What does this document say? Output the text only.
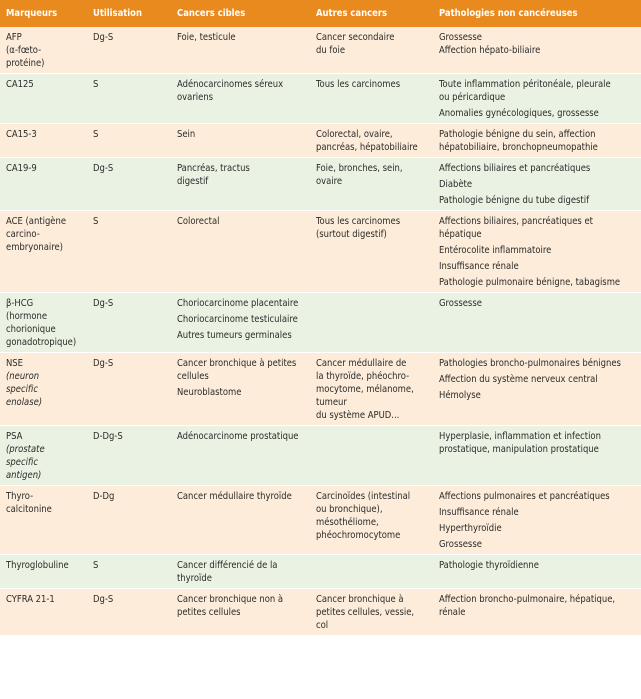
Marqueurs	Utilisation	Cancers cibles	Autres cancers	Pathologies non cancéreuses

AFP
(α-fœto-
protéine)	Dg-S	Foie, testicule	Cancer secondaire
du foie	Grossesse
Affection hépato-biliaire

CA125	S	Adénocarcinomes séreux
ovariens	Tous les carcinomes	Toute inflammation péritonéale, pleurale
ou péricardique
Anomalies gynécologiques, grossesse

CA15-3	S	Sein	Colorectal, ovaire,
pancréas, hépatobiliaire	Pathologie bénigne du sein, affection
hépatobiliaire, bronchopneumopathie

CA19-9	Dg-S	Pancréas, tractus
digestif	Foie, bronches, sein,
ovaire	Affections biliaires et pancréatiques
Diabète
Pathologie bénigne du tube digestif

ACE (antigène
carcino-
embryonaire)	S	Colorectal	Tous les carcinomes
(surtout digestif)	Affections biliaires, pancréatiques et
hépatique
Entérocolite inflammatoire
Insuffisance rénale
Pathologie pulmonaire bénigne, tabagisme

β-HCG
(hormone
chorionique
gonadotropique)	Dg-S	Choriocarcinome placentaire
Choriocarcinome testiculaire
Autres tumeurs germinales		Grossesse

NSE
(neuron
specific
enolase)	Dg-S	Cancer bronchique à petites
cellules
Neuroblastome	Cancer médullaire de
la thyroïde, phéochro-
mocytome, mélanome,
tumeur
du système APUD...	Pathologies broncho-pulmonaires bénignes
Affection du système nerveux central
Hémolyse

PSA
(prostate
specific
antigen)	D-Dg-S	Adénocarcinome prostatique		Hyperplasie, inflammation et infection
prostatique, manipulation prostatique

Thyro-
calcitonine	D-Dg	Cancer médullaire thyroïde	Carcinoïdes (intestinal
ou bronchique),
mésothéliome,
phéochromocytome	Affections pulmonaires et pancréatiques
Insuffisance rénale
Hyperthyroïdie
Grossesse

Thyroglobuline	S	Cancer différencié de la
thyroïde		Pathologie thyroïdienne

CYFRA 21-1	Dg-S	Cancer bronchique non à
petites cellules	Cancer bronchique à
petites cellules, vessie,
col	Affection broncho-pulmonaire, hépatique,
rénale
